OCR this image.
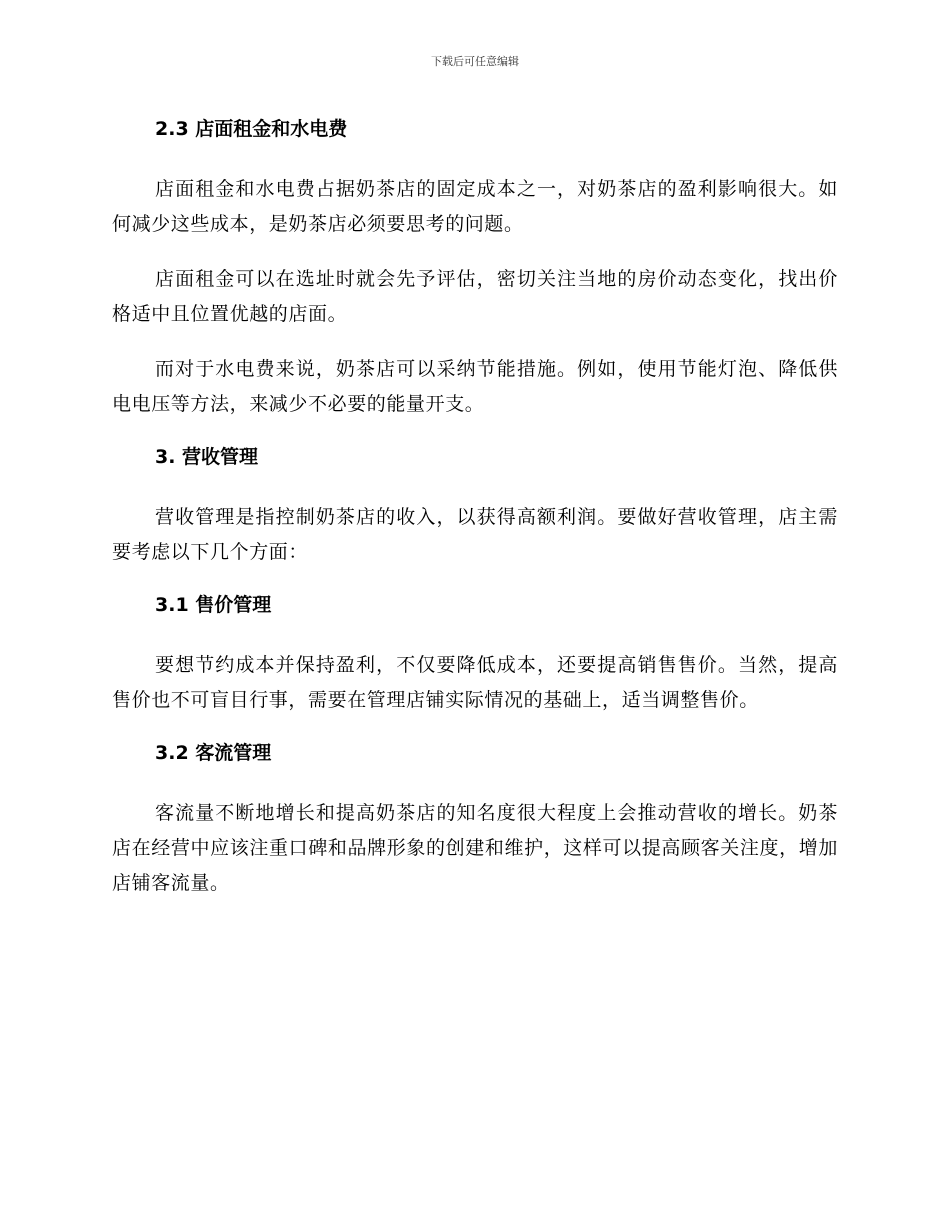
下载后可任意编辑
2.3 店面租金和水电费

店面租金和水电费占据奶茶店的固定成本之一，对奶茶店的盈利影响很大。如何减少这些成本，是奶茶店必须要思考的问题。

店面租金可以在选址时就会先予评估，密切关注当地的房价动态变化，找出价格适中且位置优越的店面。

而对于水电费来说，奶茶店可以采纳节能措施。例如，使用节能灯泡、降低供电电压等方法，来减少不必要的能量开支。

3. 营收管理

营收管理是指控制奶茶店的收入，以获得高额利润。要做好营收管理，店主需要考虑以下几个方面：

3.1 售价管理

要想节约成本并保持盈利，不仅要降低成本，还要提高销售售价。当然，提高售价也不可盲目行事，需要在管理店铺实际情况的基础上，适当调整售价。

3.2 客流管理

客流量不断地增长和提高奶茶店的知名度很大程度上会推动营收的增长。奶茶店在经营中应该注重口碑和品牌形象的创建和维护，这样可以提高顾客关注度，增加店铺客流量。
